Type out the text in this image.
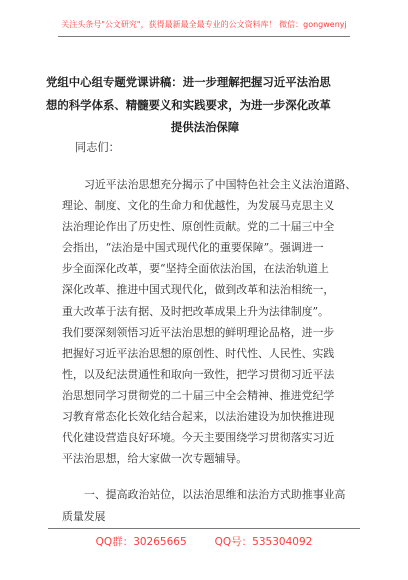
关注头条号"公文研究"，获得最新最全最专业的公文资料库！ 微信：gongwenyj
党组中心组专题党课讲稿：进一步理解把握习近平法治思
想的科学体系、精髓要义和实践要求，为进一步深化改革
提供法治保障
同志们：
习近平法治思想充分揭示了中国特色社会主义法治道路、
理论、制度、文化的生命力和优越性，为发展马克思主义
法治理论作出了历史性、原创性贡献。党的二十届三中全
会指出，“法治是中国式现代化的重要保障”。强调进一
步全面深化改革，要“坚持全面依法治国，在法治轨道上
深化改革、推进中国式现代化，做到改革和法治相统一，
重大改革于法有据、及时把改革成果上升为法律制度”。
我们要深刻领悟习近平法治思想的鲜明理论品格，进一步
把握好习近平法治思想的原创性、时代性、人民性、实践
性，以及纪法贯通性和取向一致性，把学习贯彻习近平法
治思想同学习贯彻党的二十届三中全会精神、推进党纪学
习教育常态化长效化结合起来，以法治建设为加快推进现
代化建设营造良好环境。今天主要围绕学习贯彻落实习近
平法治思想，给大家做一次专题辅导。
一、提高政治站位，以法治思维和法治方式助推事业高
质量发展
QQ群：30265665	QQ号：535304092
